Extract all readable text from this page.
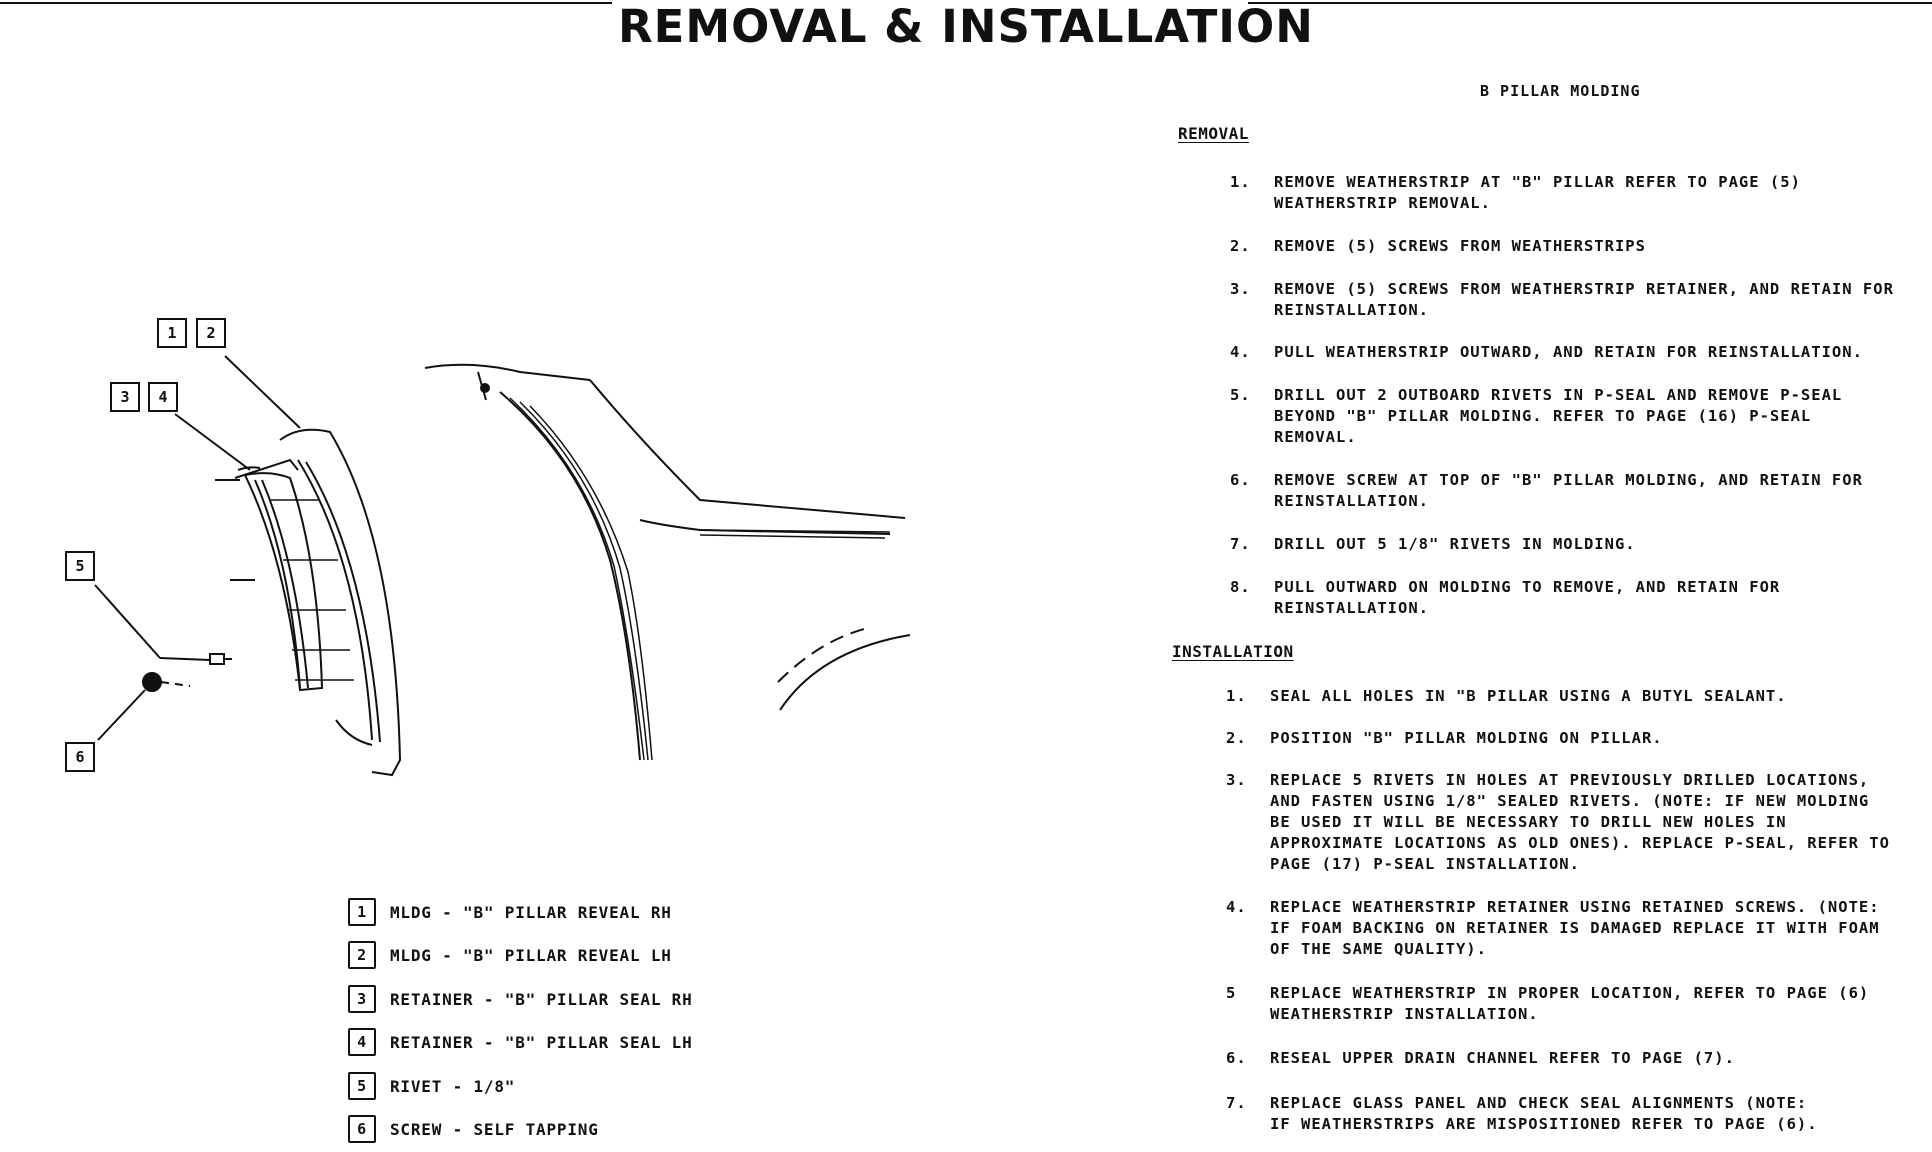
REMOVAL & INSTALLATION
1	2
3	4
5
6
1	MLDG - "B" PILLAR REVEAL RH
2	MLDG - "B" PILLAR REVEAL LH
3	RETAINER - "B" PILLAR SEAL RH
4	RETAINER - "B" PILLAR SEAL LH
5	RIVET - 1/8"
6	SCREW - SELF TAPPING
B PILLAR MOLDING
REMOVAL
1.	REMOVE WEATHERSTRIP AT "B" PILLAR REFER TO PAGE (5)
WEATHERSTRIP REMOVAL.
2.	REMOVE (5) SCREWS FROM WEATHERSTRIPS
3.	REMOVE (5) SCREWS FROM WEATHERSTRIP RETAINER, AND RETAIN FOR
REINSTALLATION.
4.	PULL WEATHERSTRIP OUTWARD, AND RETAIN FOR REINSTALLATION.
5.	DRILL OUT 2 OUTBOARD RIVETS IN P-SEAL AND REMOVE P-SEAL
BEYOND "B" PILLAR MOLDING. REFER TO PAGE (16) P-SEAL
REMOVAL.
6.	REMOVE SCREW AT TOP OF "B" PILLAR MOLDING, AND RETAIN FOR
REINSTALLATION.
7.	DRILL OUT 5 1/8" RIVETS IN MOLDING.
8.	PULL OUTWARD ON MOLDING TO REMOVE, AND RETAIN FOR
REINSTALLATION.
INSTALLATION
1.	SEAL ALL HOLES IN "B PILLAR USING A BUTYL SEALANT.
2.	POSITION "B" PILLAR MOLDING ON PILLAR.
3.	REPLACE 5 RIVETS IN HOLES AT PREVIOUSLY DRILLED LOCATIONS,
AND FASTEN USING 1/8" SEALED RIVETS. (NOTE: IF NEW MOLDING
BE USED IT WILL BE NECESSARY TO DRILL NEW HOLES IN
APPROXIMATE LOCATIONS AS OLD ONES). REPLACE P-SEAL, REFER TO
PAGE (17) P-SEAL INSTALLATION.
4.	REPLACE WEATHERSTRIP RETAINER USING RETAINED SCREWS. (NOTE:
IF FOAM BACKING ON RETAINER IS DAMAGED REPLACE IT WITH FOAM
OF THE SAME QUALITY).
5	REPLACE WEATHERSTRIP IN PROPER LOCATION, REFER TO PAGE (6)
WEATHERSTRIP INSTALLATION.
6.	RESEAL UPPER DRAIN CHANNEL REFER TO PAGE (7).
7.	REPLACE GLASS PANEL AND CHECK SEAL ALIGNMENTS (NOTE:
IF WEATHERSTRIPS ARE MISPOSITIONED REFER TO PAGE (6).
